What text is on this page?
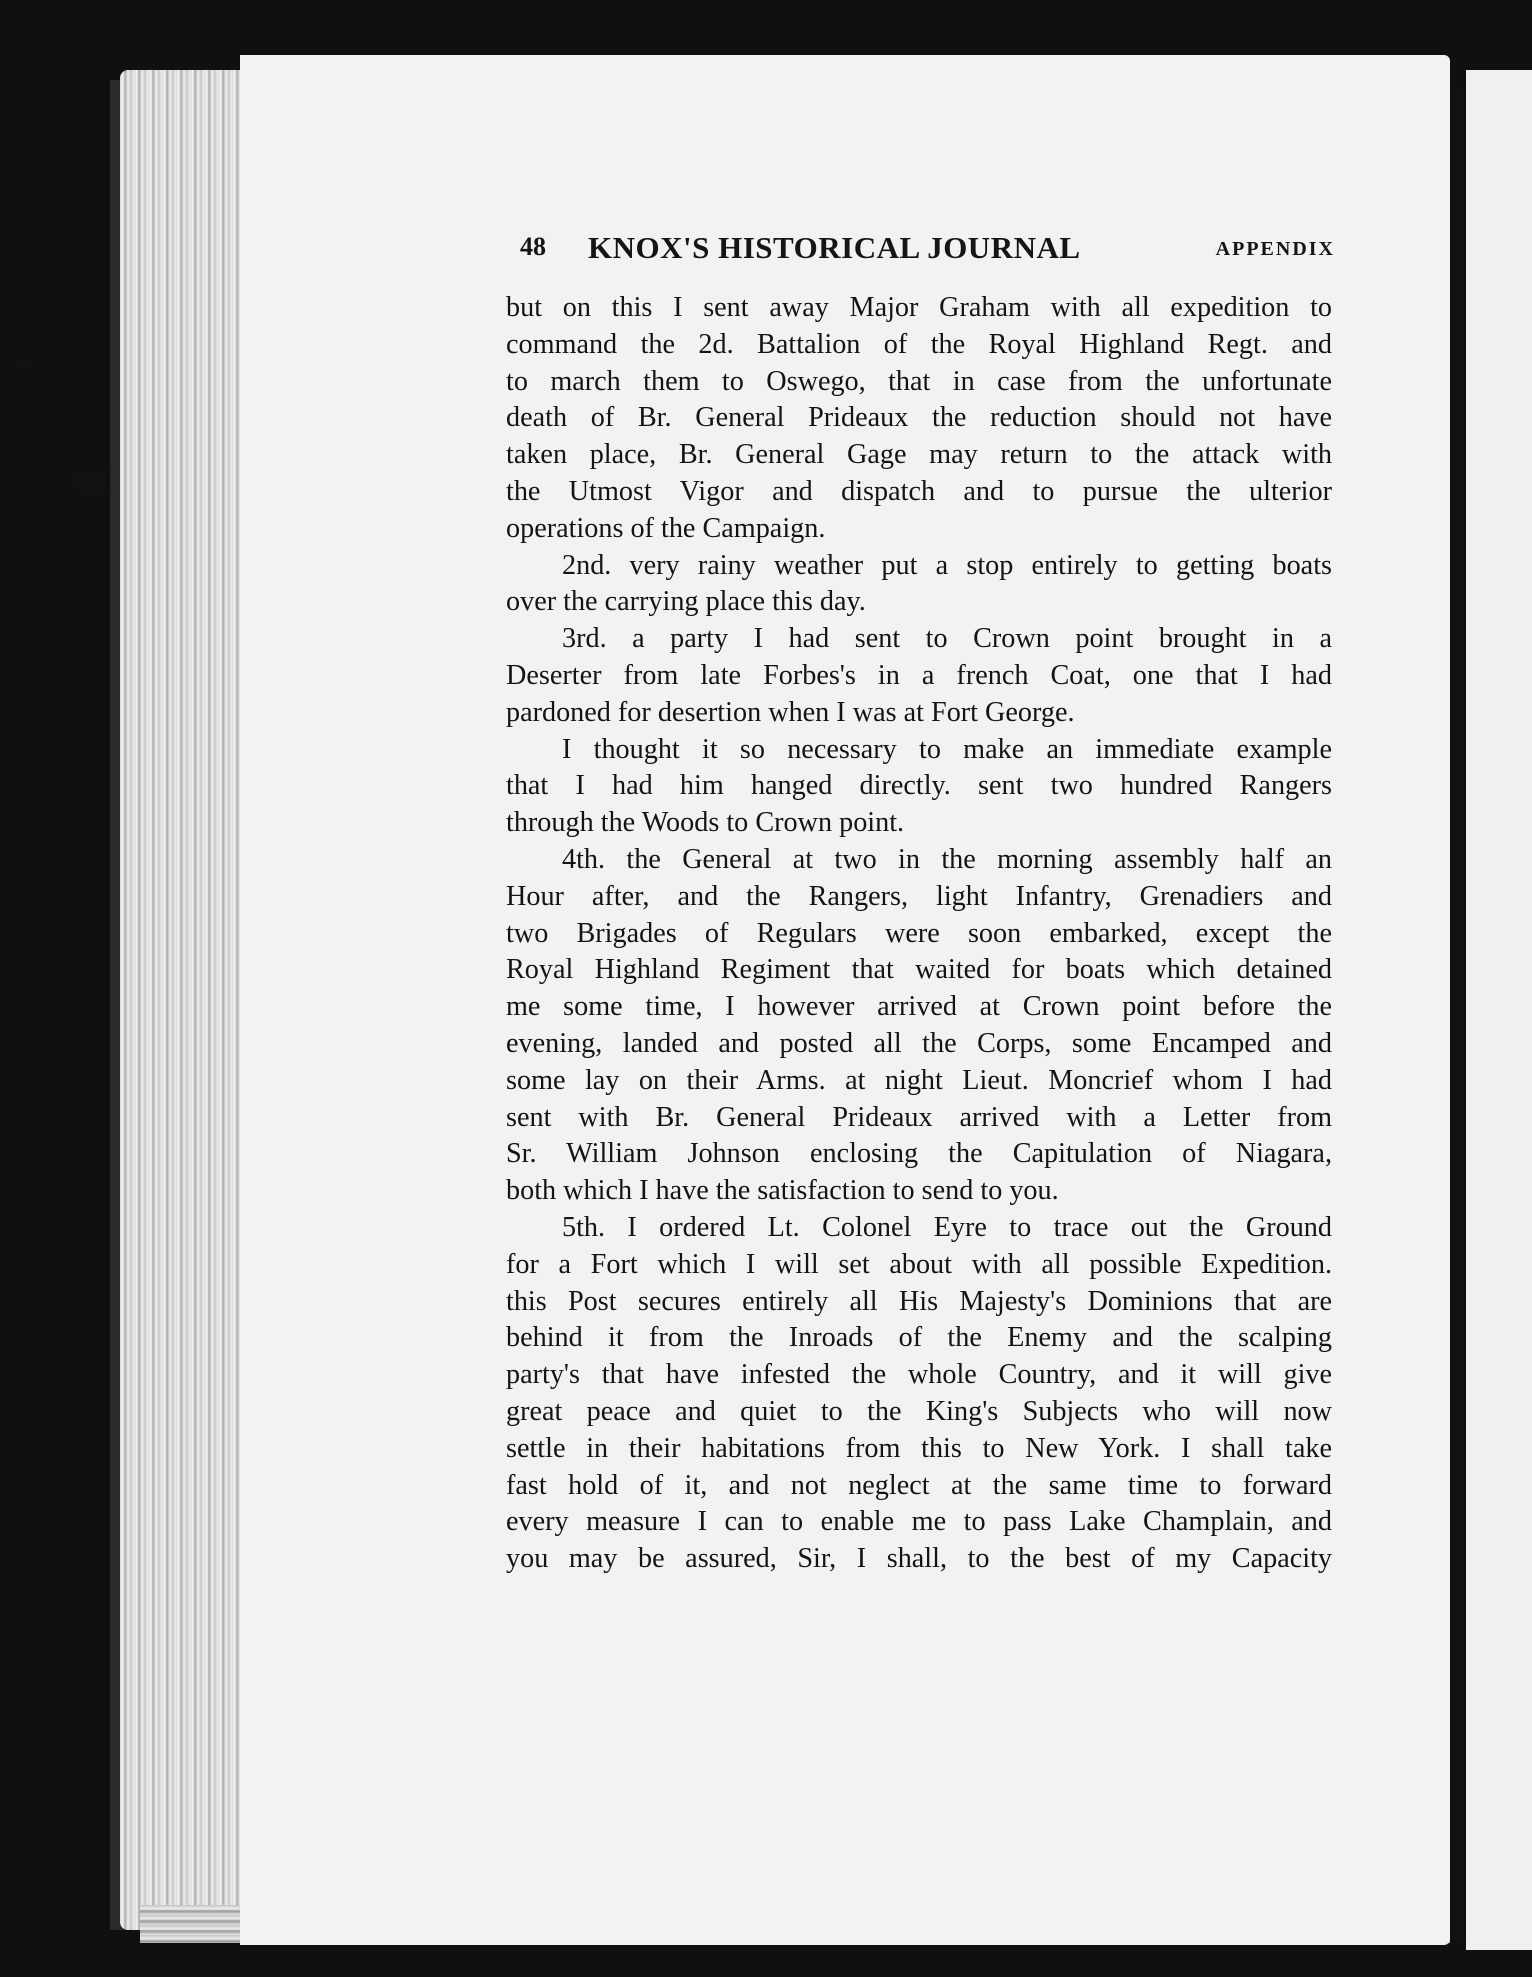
48 KNOX'S HISTORICAL JOURNAL	APPENDIX
but on this I sent away Major Graham with all expedition to
command the 2d. Battalion of the Royal Highland Regt. and
to march them to Oswego, that in case from the unfortunate
death of Br. General Prideaux the reduction should not have
taken place, Br. General Gage may return to the attack with
the Utmost Vigor and dispatch and to pursue the ulterior
operations of the Campaign.
2nd. very rainy weather put a stop entirely to getting boats
over the carrying place this day.
3rd. a party I had sent to Crown point brought in a
Deserter from late Forbes's in a french Coat, one that I had
pardoned for desertion when I was at Fort George.
I thought it so necessary to make an immediate example
that I had him hanged directly. sent two hundred Rangers
through the Woods to Crown point.
4th. the General at two in the morning assembly half an
Hour after, and the Rangers, light Infantry, Grenadiers and
two Brigades of Regulars were soon embarked, except the
Royal Highland Regiment that waited for boats which detained
me some time, I however arrived at Crown point before the
evening, landed and posted all the Corps, some Encamped and
some lay on their Arms. at night Lieut. Moncrief whom I had
sent with Br. General Prideaux arrived with a Letter from
Sr. William Johnson enclosing the Capitulation of Niagara,
both which I have the satisfaction to send to you.
5th. I ordered Lt. Colonel Eyre to trace out the Ground
for a Fort which I will set about with all possible Expedition.
this Post secures entirely all His Majesty's Dominions that are
behind it from the Inroads of the Enemy and the scalping
party's that have infested the whole Country, and it will give
great peace and quiet to the King's Subjects who will now
settle in their habitations from this to New York. I shall take
fast hold of it, and not neglect at the same time to forward
every measure I can to enable me to pass Lake Champlain, and
you may be assured, Sir, I shall, to the best of my Capacity
